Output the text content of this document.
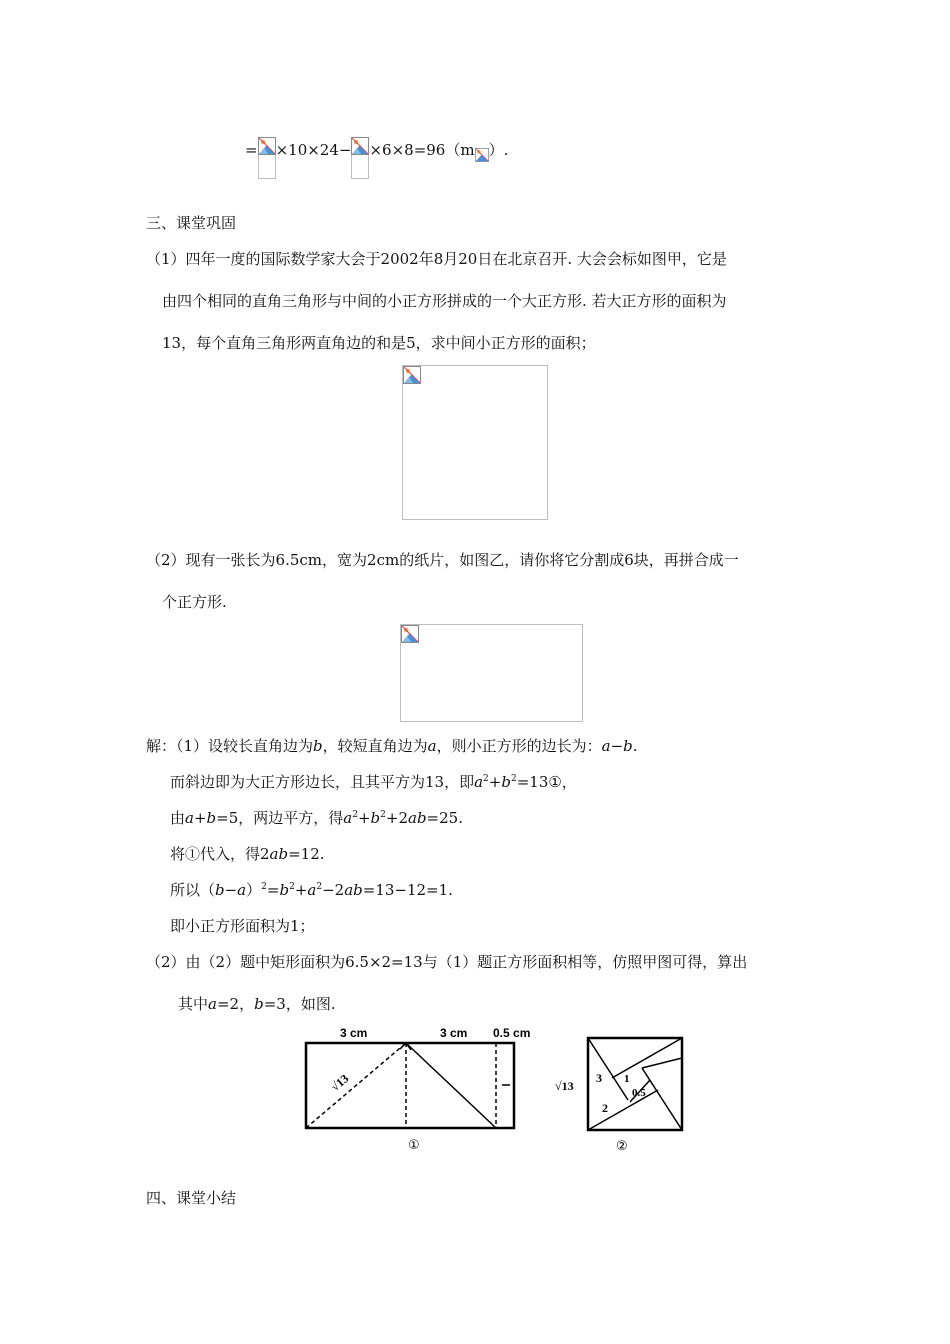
= ×10×24− ×6×8=96（m ）.
三、课堂巩固
（1）四年一度的国际数学家大会于2002年8月20日在北京召开. 大会会标如图甲，它是
由四个相同的直角三角形与中间的小正方形拼成的一个大正方形. 若大正方形的面积为
13，每个直角三角形两直角边的和是5，求中间小正方形的面积；
（2）现有一张长为6.5cm，宽为2cm的纸片，如图乙，请你将它分割成6块，再拼合成一
个正方形.
解：（1）设较长直角边为b，较短直角边为a，则小正方形的边长为：a−b.
而斜边即为大正方形边长，且其平方为13，即$a^2+b^2=13①$，
由a+b=5，两边平方，得$a^2+b^2+2ab=25$.
将①代入，得2ab=12.
所以$(b-a)^2=b^2+a^2-2ab=13-12=1$.
即小正方形面积为1；
（2）由（2）题中矩形面积为6.5×2=13与（1）题正方形面积相等，仿照甲图可得，算出
其中a=2，b=3，如图.
3 cm	3 cm 0.5 cm
√13
①
√13
3 1
0.5
2
②
四、课堂小结
